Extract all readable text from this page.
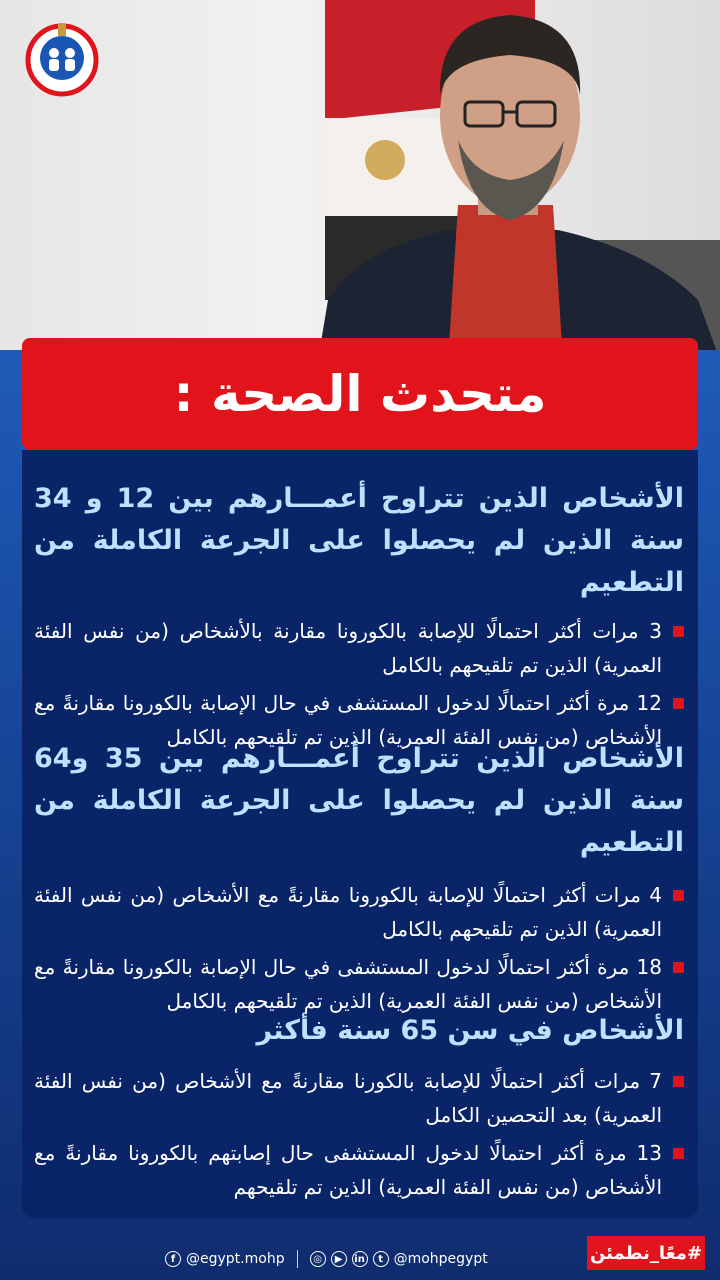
متحدث الصحة :

الأشخاص الذين تتراوح أعمـــارهم بين 12 و 34 سنة الذين لم يحصلوا على الجرعة الكاملة من التطعيم

3 مرات أكثر احتمالًا للإصابة بالكورونا مقارنة بالأشخاص (من نفس الفئة العمرية) الذين تم تلقيحهم بالكامل
12 مرة أكثر احتمالًا لدخول المستشفى في حال الإصابة بالكورونا مقارنةً مع الأشخاص (من نفس الفئة العمرية) الذين تم تلقيحهم بالكامل

الأشخاص الذين تتراوح أعمـــارهم بين 35 و64 سنة الذين لم يحصلوا على الجرعة الكاملة من التطعيم

4 مرات أكثر احتمالًا للإصابة بالكورونا مقارنةً مع الأشخاص (من نفس الفئة العمرية) الذين تم تلقيحهم بالكامل
18 مرة أكثر احتمالًا لدخول المستشفى في حال الإصابة بالكورونا مقارنةً مع الأشخاص (من نفس الفئة العمرية) الذين تم تلقيحهم بالكامل

الأشخاص في سن 65 سنة فأكثر

7 مرات أكثر احتمالًا للإصابة بالكورنا مقارنةً مع الأشخاص (من نفس الفئة العمرية) بعد التحصين الكامل
13 مرة أكثر احتمالًا لدخول المستشفى حال إصابتهم بالكورونا مقارنةً مع الأشخاص (من نفس الفئة العمرية) الذين تم تلقيحهم
f @egypt.mohp	◎	▶	in	t @mohpegypt	#معًا_نطمئن
